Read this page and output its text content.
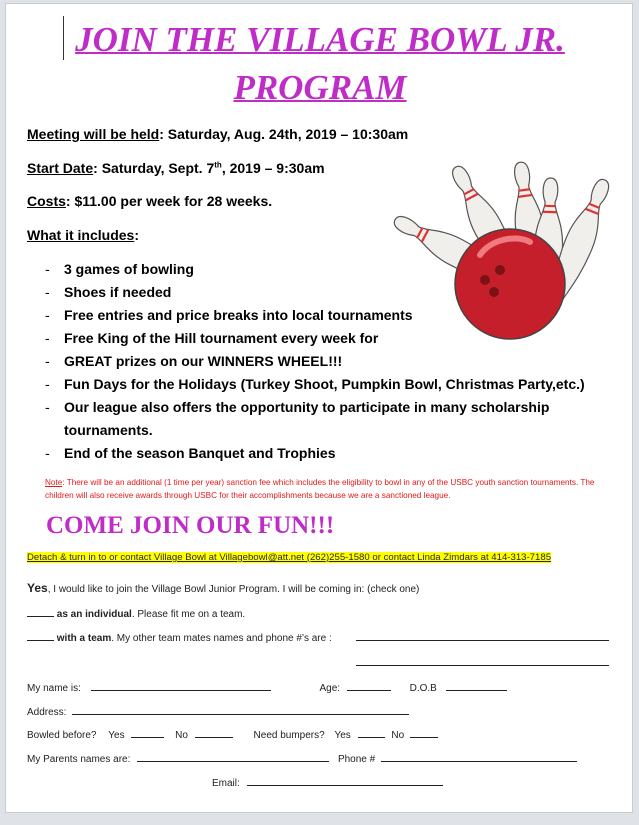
JOIN THE VILLAGE BOWL JR.
PROGRAM
Meeting will be held: Saturday, Aug. 24th, 2019 – 10:30am
Start Date: Saturday, Sept. 7th, 2019 – 9:30am
Costs: $11.00 per week for 28 weeks.
What it includes:
- 3 games of bowling
- Shoes if needed
- Free entries and price breaks into local tournaments
- Free King of the Hill tournament every week for
- GREAT prizes on our WINNERS WHEEL!!!
- Fun Days for the Holidays (Turkey Shoot, Pumpkin Bowl, Christmas Party,etc.)
- Our league also offers the opportunity to participate in many scholarship tournaments.
- End of the season Banquet and Trophies
Note: There will be an additional (1 time per year) sanction fee which includes the eligibility to bowl in any of the USBC youth sanction tournaments. The children will also receive awards through USBC for their accomplishments because we are a sanctioned league.
COME JOIN OUR FUN!!!
Detach & turn in to or contact Village Bowl at Villagebowl@att.net (262)255-1580 or contact Linda Zimdars at 414-313-7185
Yes, I would like to join the Village Bowl Junior Program. I will be coming in: (check one)
as an individual. Please fit me on a team.
with a team. My other team mates names and phone #’s are :
My name is:	Age:	D.O.B
Address:
Bowled before? Yes	No	Need bumpers? Yes	No
My Parents names are:	Phone #
Email:
